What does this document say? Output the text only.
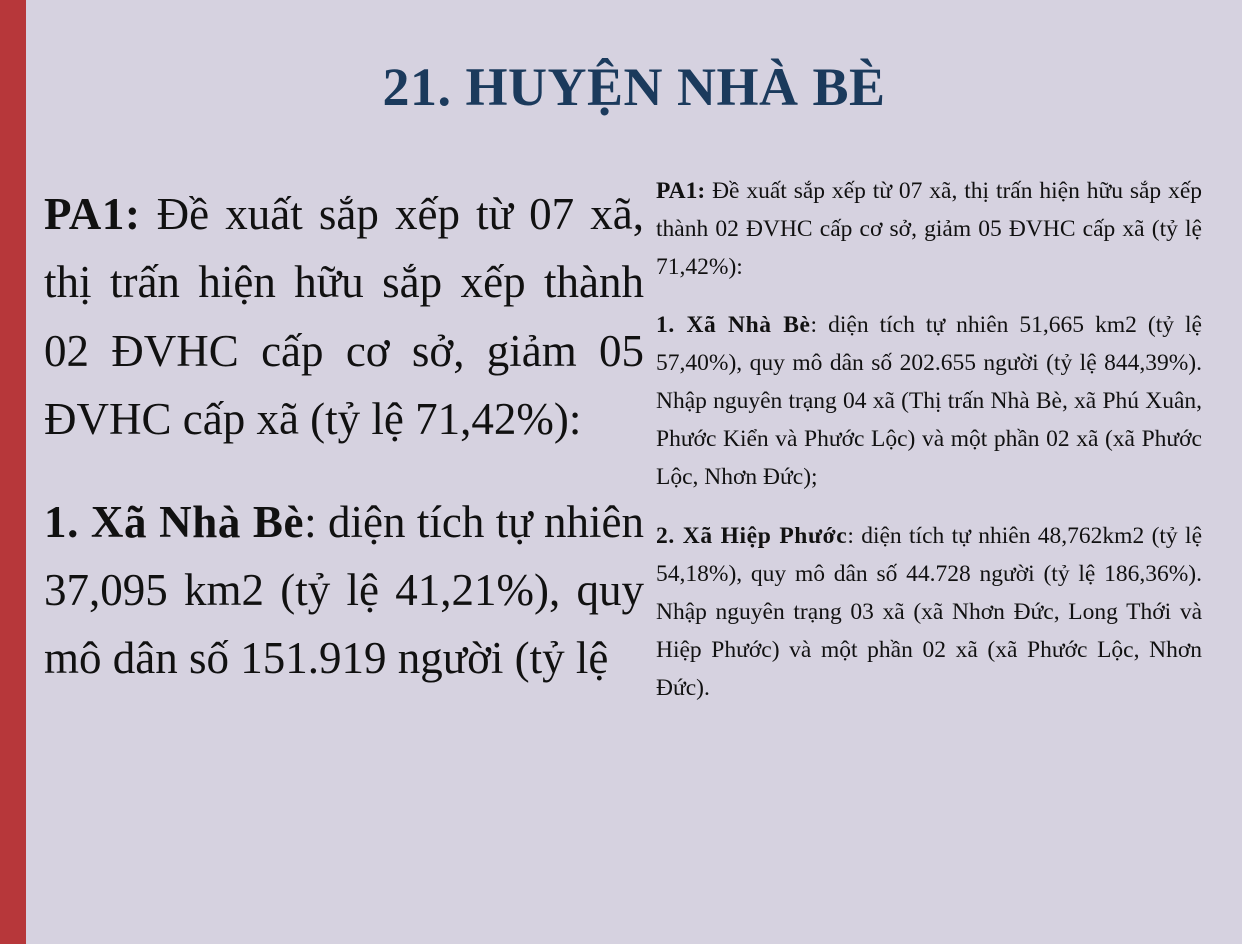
21. HUYỆN NHÀ BÈ

PA1: Đề xuất sắp xếp từ 07 xã, thị trấn hiện hữu sắp xếp thành 02 ĐVHC cấp cơ sở, giảm 05 ĐVHC cấp xã (tỷ lệ 71,42%):

1. Xã Nhà Bè: diện tích tự nhiên 37,095 km2 (tỷ lệ 41,21%), quy mô dân số 151.919 người (tỷ lệ

PA1: Đề xuất sắp xếp từ 07 xã, thị trấn hiện hữu sắp xếp thành 02 ĐVHC cấp cơ sở, giảm 05 ĐVHC cấp xã (tỷ lệ 71,42%):

1. Xã Nhà Bè: diện tích tự nhiên 51,665 km2 (tỷ lệ 57,40%), quy mô dân số 202.655 người (tỷ lệ 844,39%). Nhập nguyên trạng 04 xã (Thị trấn Nhà Bè, xã Phú Xuân, Phước Kiển và Phước Lộc) và một phần 02 xã (xã Phước Lộc, Nhơn Đức);

2. Xã Hiệp Phước: diện tích tự nhiên 48,762km2 (tỷ lệ 54,18%), quy mô dân số 44.728 người (tỷ lệ 186,36%). Nhập nguyên trạng 03 xã (xã Nhơn Đức, Long Thới và Hiệp Phước) và một phần 02 xã (xã Phước Lộc, Nhơn Đức).
